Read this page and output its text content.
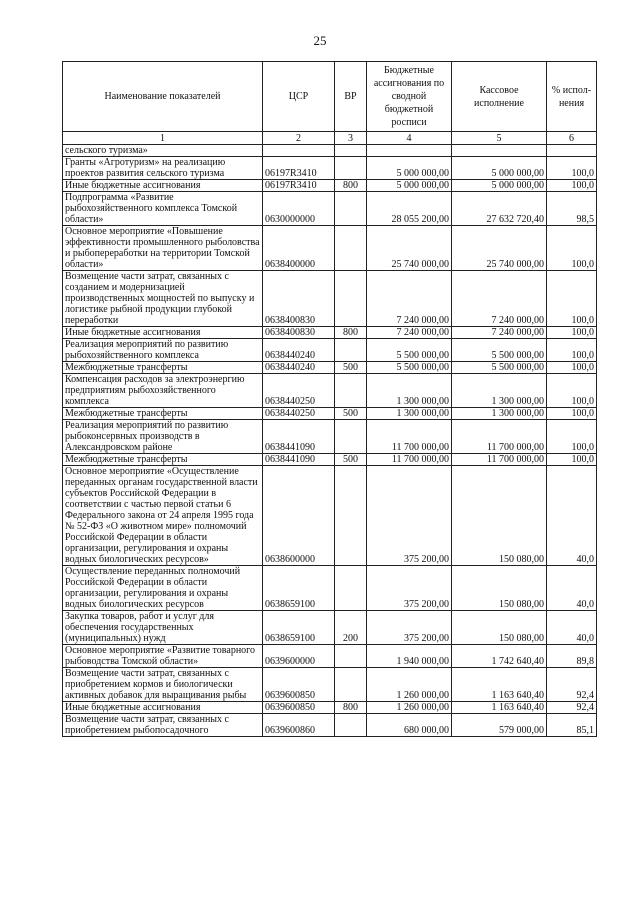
25
Наименование показателей	ЦСР	ВР	Бюджетные ассигнования по сводной бюджетной росписи	Кассовое исполнение	% испол-нения
1	2	3	4	5	6
сельского туризма»					
Гранты «Агротуризм» на реализацию проектов развития сельского туризма	06197R3410		5 000 000,00	5 000 000,00	100,0
Иные бюджетные ассигнования	06197R3410	800	5 000 000,00	5 000 000,00	100,0
Подпрограмма «Развитие рыбохозяйственного комплекса Томской области»	0630000000		28 055 200,00	27 632 720,40	98,5
Основное мероприятие «Повышение эффективности промышленного рыболовства и рыбопереработки на территории Томской области»	0638400000		25 740 000,00	25 740 000,00	100,0
Возмещение части затрат, связанных с созданием и модернизацией производственных мощностей по выпуску и логистике рыбной продукции глубокой переработки	0638400830		7 240 000,00	7 240 000,00	100,0
Иные бюджетные ассигнования	0638400830	800	7 240 000,00	7 240 000,00	100,0
Реализация мероприятий по развитию рыбохозяйственного комплекса	0638440240		5 500 000,00	5 500 000,00	100,0
Межбюджетные трансферты	0638440240	500	5 500 000,00	5 500 000,00	100,0
Компенсация расходов за электроэнергию предприятиям рыбохозяйственного комплекса	0638440250		1 300 000,00	1 300 000,00	100,0
Межбюджетные трансферты	0638440250	500	1 300 000,00	1 300 000,00	100,0
Реализация мероприятий по развитию рыбоконсервных производств в Александровском районе	0638441090		11 700 000,00	11 700 000,00	100,0
Межбюджетные трансферты	0638441090	500	11 700 000,00	11 700 000,00	100,0
Основное мероприятие «Осуществление переданных органам государственной власти субъектов Российской Федерации в соответствии с частью первой статьи 6 Федерального закона от 24 апреля 1995 года № 52-ФЗ «О животном мире» полномочий Российской Федерации в области организации, регулирования и охраны водных биологических ресурсов»	0638600000		375 200,00	150 080,00	40,0
Осуществление переданных полномочий Российской Федерации в области организации, регулирования и охраны водных биологических ресурсов	0638659100		375 200,00	150 080,00	40,0
Закупка товаров, работ и услуг для обеспечения государственных (муниципальных) нужд	0638659100	200	375 200,00	150 080,00	40,0
Основное мероприятие «Развитие товарного рыбоводства Томской области»	0639600000		1 940 000,00	1 742 640,40	89,8
Возмещение части затрат, связанных с приобретением кормов и биологически активных добавок для выращивания рыбы	0639600850		1 260 000,00	1 163 640,40	92,4
Иные бюджетные ассигнования	0639600850	800	1 260 000,00	1 163 640,40	92,4
Возмещение части затрат, связанных с приобретением рыбопосадочного	0639600860		680 000,00	579 000,00	85,1
